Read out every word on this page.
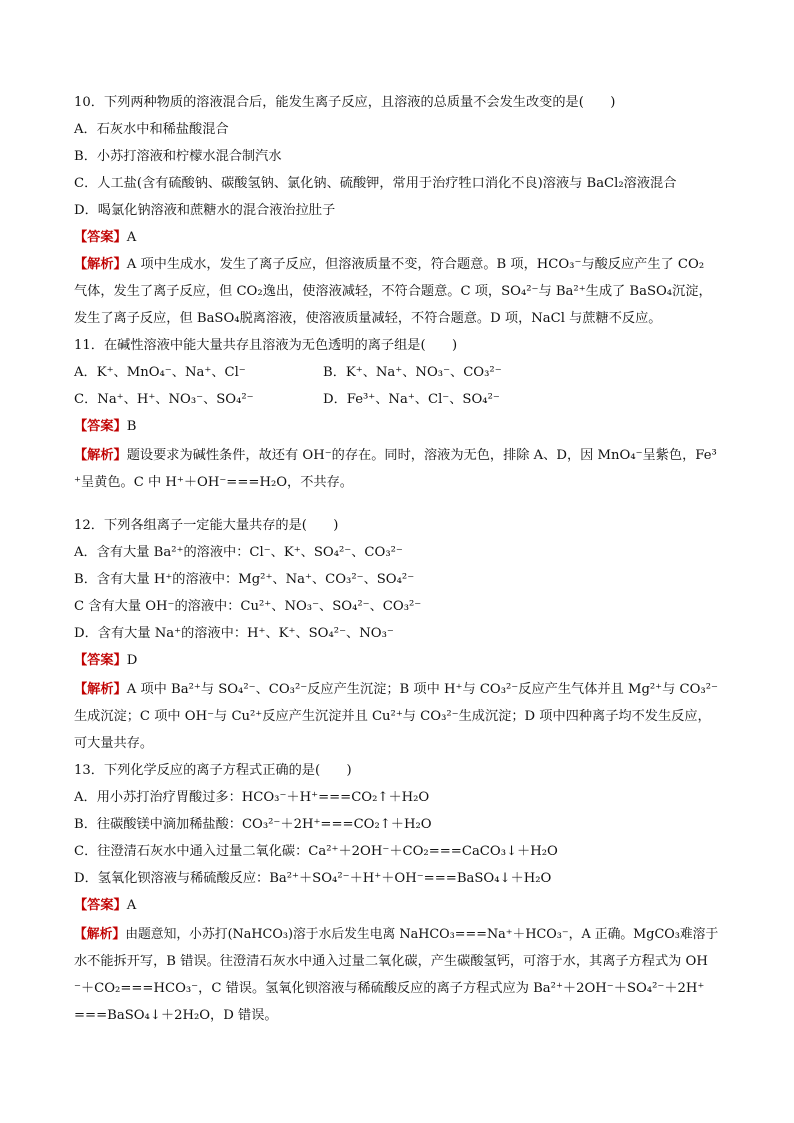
10．下列两种物质的溶液混合后，能发生离子反应，且溶液的总质量不会发生改变的是(　　)
A．石灰水中和稀盐酸混合
B．小苏打溶液和柠檬水混合制汽水
C．人工盐(含有硫酸钠、碳酸氢钠、氯化钠、硫酸钾，常用于治疗牲口消化不良)溶液与 BaCl₂溶液混合
D．喝氯化钠溶液和蔗糖水的混合液治拉肚子
【答案】A
【解析】A 项中生成水，发生了离子反应，但溶液质量不变，符合题意。B 项，HCO₃⁻与酸反应产生了 CO₂
气体，发生了离子反应，但 CO₂逸出，使溶液减轻，不符合题意。C 项，SO₄²⁻与 Ba²⁺生成了 BaSO₄沉淀，
发生了离子反应，但 BaSO₄脱离溶液，使溶液质量减轻，不符合题意。D 项，NaCl 与蔗糖不反应。
11．在碱性溶液中能大量共存且溶液为无色透明的离子组是(　　)
A．K⁺、MnO₄⁻、Na⁺、Cl⁻	B．K⁺、Na⁺、NO₃⁻、CO₃²⁻
C．Na⁺、H⁺、NO₃⁻、SO₄²⁻	D．Fe³⁺、Na⁺、Cl⁻、SO₄²⁻
【答案】B
【解析】题设要求为碱性条件，故还有 OH⁻的存在。同时，溶液为无色，排除 A、D，因 MnO₄⁻呈紫色，Fe³
⁺呈黄色。C 中 H⁺＋OH⁻===H₂O，不共存。
12．下列各组离子一定能大量共存的是(　　)
A．含有大量 Ba²⁺的溶液中：Cl⁻、K⁺、SO₄²⁻、CO₃²⁻
B．含有大量 H⁺的溶液中：Mg²⁺、Na⁺、CO₃²⁻、SO₄²⁻
C 含有大量 OH⁻的溶液中：Cu²⁺、NO₃⁻、SO₄²⁻、CO₃²⁻
D．含有大量 Na⁺的溶液中：H⁺、K⁺、SO₄²⁻、NO₃⁻
【答案】D
【解析】A 项中 Ba²⁺与 SO₄²⁻、CO₃²⁻反应产生沉淀；B 项中 H⁺与 CO₃²⁻反应产生气体并且 Mg²⁺与 CO₃²⁻
生成沉淀；C 项中 OH⁻与 Cu²⁺反应产生沉淀并且 Cu²⁺与 CO₃²⁻生成沉淀；D 项中四种离子均不发生反应，
可大量共存。
13．下列化学反应的离子方程式正确的是(　　)
A．用小苏打治疗胃酸过多：HCO₃⁻＋H⁺===CO₂↑＋H₂O
B．往碳酸镁中滴加稀盐酸：CO₃²⁻＋2H⁺===CO₂↑＋H₂O
C．往澄清石灰水中通入过量二氧化碳：Ca²⁺＋2OH⁻＋CO₂===CaCO₃↓＋H₂O
D．氢氧化钡溶液与稀硫酸反应：Ba²⁺＋SO₄²⁻＋H⁺＋OH⁻===BaSO₄↓＋H₂O
【答案】A
【解析】由题意知，小苏打(NaHCO₃)溶于水后发生电离 NaHCO₃===Na⁺＋HCO₃⁻，A 正确。MgCO₃难溶于
水不能拆开写，B 错误。往澄清石灰水中通入过量二氧化碳，产生碳酸氢钙，可溶于水，其离子方程式为 OH
⁻＋CO₂===HCO₃⁻，C 错误。氢氧化钡溶液与稀硫酸反应的离子方程式应为 Ba²⁺＋2OH⁻＋SO₄²⁻＋2H⁺
===BaSO₄↓＋2H₂O，D 错误。
